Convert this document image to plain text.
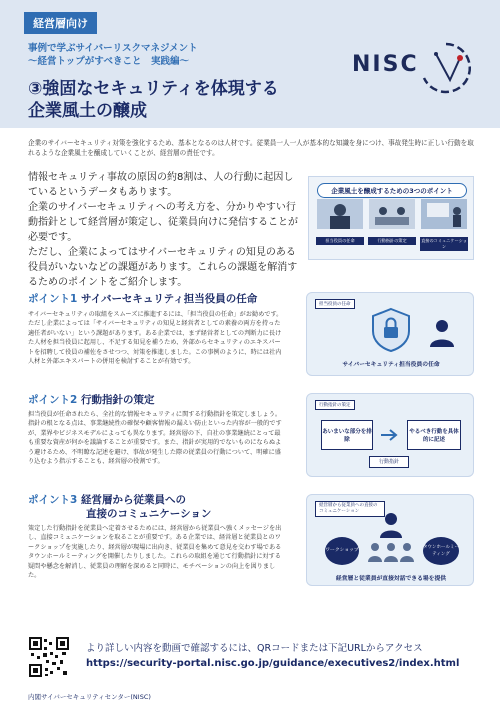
経営層向け
事例で学ぶサイバーリスクマネジメント
〜経営トップがすべきこと　実践編〜
③強固なセキュリティを体現する
企業風土の醸成
NISC
企業のサイバーセキュリティ対策を強化するため、基本となるのは人材です。従業員一人一人が基本的な知識を身につけ、事故発生時に正しい行動を取れるような企業風土を醸成していくことが、経営層の責任です。

情報セキュリティ事故の原因の約8割は、人の行動に起因しているというデータもあります。

企業のサイバーセキュリティへの考え方を、分かりやすい行動指針として経営層が策定し、従業員向けに発信することが必要です。

ただし、企業によってはサイバーセキュリティの知見のある役員がいないなどの課題があります。これらの課題を解消するためのポイントをご紹介します。

企業風土を醸成するための3つのポイント
担当役員の任命	行動指針の策定	直接のコミュニケーション
ポイント1 サイバーセキュリティ担当役員の任命
サイバーセキュリティの取組をスムーズに推進するには、「担当役員の任命」がお勧めです。ただし企業によっては「サイバーセキュリティの知見と経営者としての素養の両方を持った適任者がいない」という課題があります。ある企業では、まず経営者としての判断力に長けた人材を担当役員に起用し、不足する知見を補うため、外部からセキュリティのエキスパートを招聘して役員の補佐をさせつつ、対策を推進しました。この事例のように、時には社内人材と外部エキスパートの併用を検討することが有効です。
担当役員の任命
サイバーセキュリティ担当役員の任命
ポイント2 行動指針の策定
担当役員が任命されたら、全社的な情報セキュリティに関する行動指針を策定しましょう。指針の根となる点は、事業継続性の確保や顧客情報の漏えい防止といった内容が一般的ですが、業界やビジネスモデルによっても異なります。経営層の下、自社の事業継続にとって最も重要な資産が何かを議論することが重要です。また、指針が実用的でないものにならぬよう避けるため、不明瞭な記述を避け、事故が発生した際の従業員の行動について、明確に盛り込むよう指示することも、経営層の役割です。
行動指針の策定
あいまいな部分を排除
やるべき行動を具体的に記述
行動指針
ポイント3 経営層から従業員への
直接のコミュニケーション
策定した行動指針を従業員へ定着させるためには、経営層から従業員へ強くメッセージを出し、直接コミュニケーションを取ることが重要です。ある企業では、経営層と従業員とのワークショップを実施したり、経営層が現場に出向き、従業員を集めて意見を交わす場であるタウンホールミーティングを開催したりしました。これらの取組を通じて行動指針に対する疑問や懸念を解消し、従業員の理解を深めると同時に、モチベーションの向上を図りました。
経営層から従業員への直接のコミュニケーション
ワークショップ
タウンホールミーティング
経営層と従業員が直接対話できる場を提供
より詳しい内容を動画で確認するには、QRコードまたは下記URLからアクセス
https://security-portal.nisc.go.jp/guidance/executives2/index.html
内閣サイバーセキュリティセンター(NISC)
